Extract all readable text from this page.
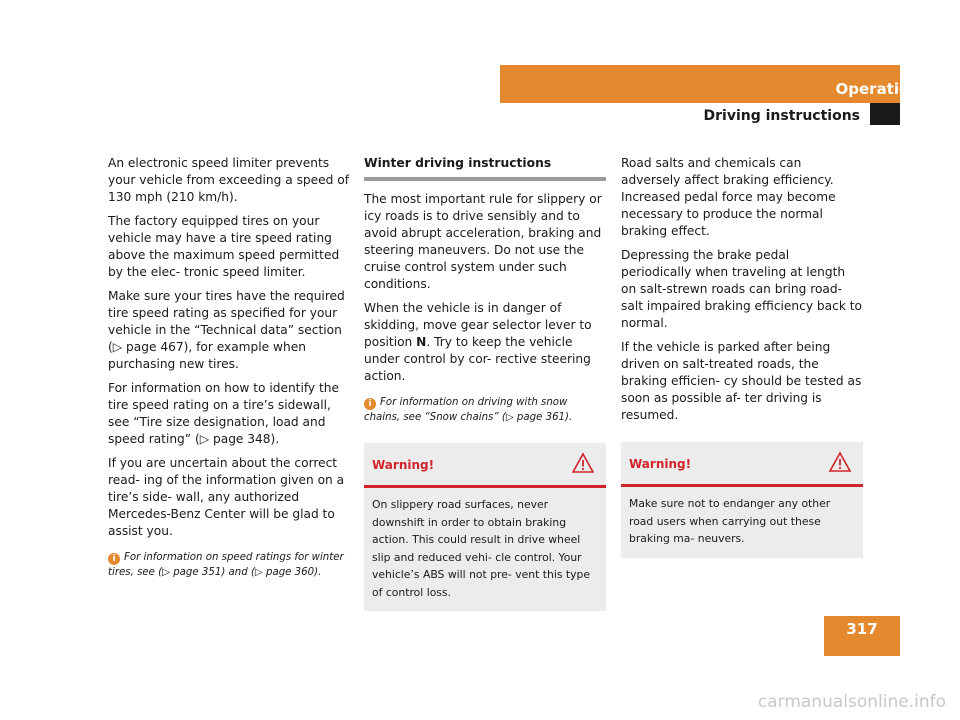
Operation
Driving instructions

An electronic speed limiter prevents your vehicle from exceeding a speed of 130 mph (210 km/h).

The factory equipped tires on your vehicle may have a tire speed rating above the maximum speed permitted by the elec- tronic speed limiter.

Make sure your tires have the required tire speed rating as specified for your vehicle in the “Technical data” section (▷ page 467), for example when purchasing new tires.

For information on how to identify the tire speed rating on a tire’s sidewall, see “Tire size designation, load and speed rating” (▷ page 348).

If you are uncertain about the correct read- ing of the information given on a tire’s side- wall, any authorized Mercedes-Benz Center will be glad to assist you.

i For information on speed ratings for winter tires, see (▷ page 351) and (▷ page 360).
Winter driving instructions

The most important rule for slippery or icy roads is to drive sensibly and to avoid abrupt acceleration, braking and steering maneuvers. Do not use the cruise control system under such conditions.

When the vehicle is in danger of skidding, move gear selector lever to position N. Try to keep the vehicle under control by cor- rective steering action.

i For information on driving with snow chains, see “Snow chains” (▷ page 361).
Warning!
On slippery road surfaces, never downshift in order to obtain braking action. This could result in drive wheel slip and reduced vehi- cle control. Your vehicle’s ABS will not pre- vent this type of control loss.

Road salts and chemicals can adversely affect braking efficiency. Increased pedal force may become necessary to produce the normal braking effect.

Depressing the brake pedal periodically when traveling at length on salt-strewn roads can bring road-salt impaired braking efficiency back to normal.

If the vehicle is parked after being driven on salt-treated roads, the braking efficien- cy should be tested as soon as possible af- ter driving is resumed.

Warning!
Make sure not to endanger any other road users when carrying out these braking ma- neuvers.
317
carmanualsonline.info
